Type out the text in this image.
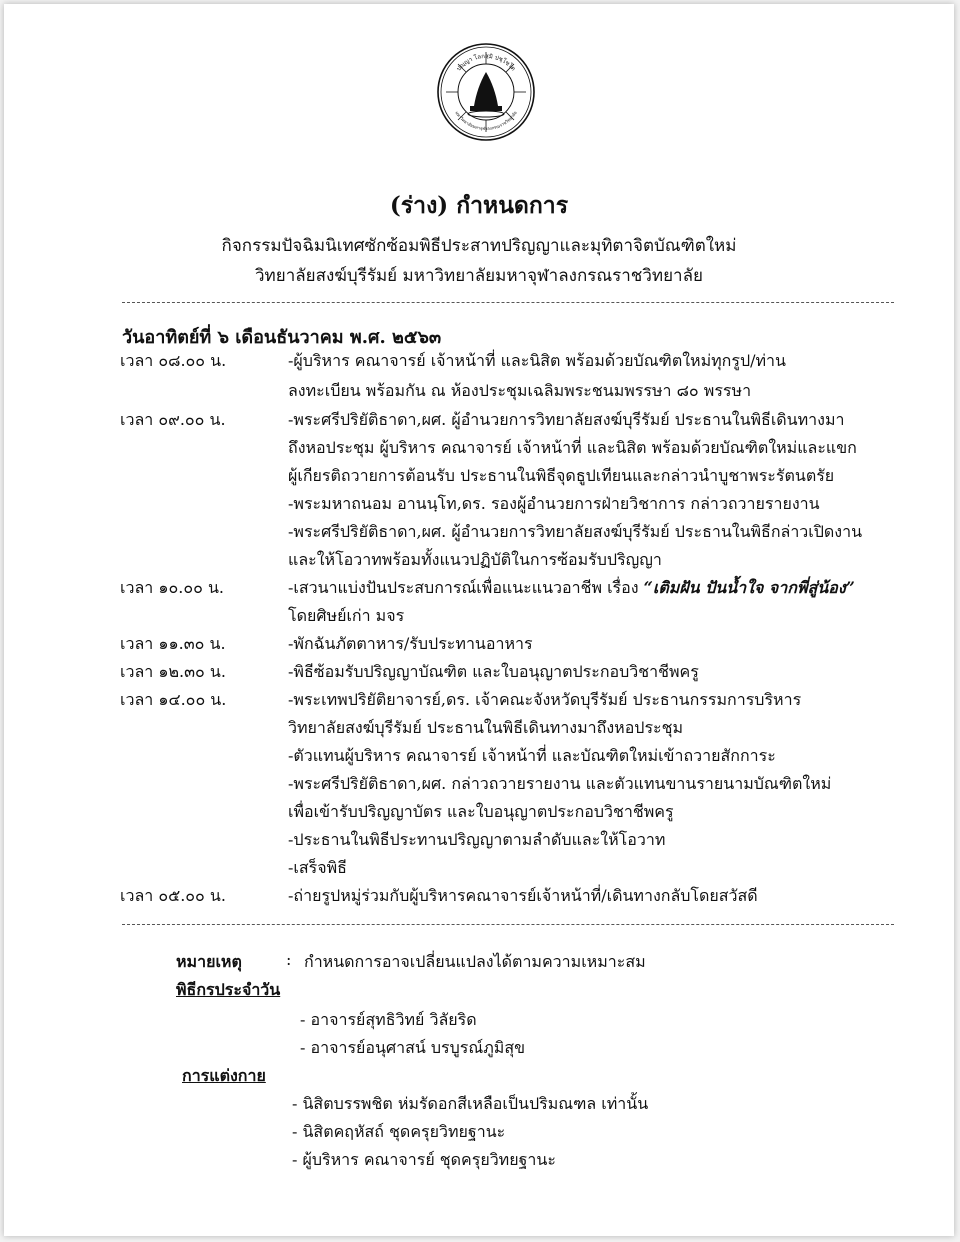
ปญฺญา โลกสฺมิ ปชฺโชโต
มหาวิทยาลัยมหาจุฬาลงกรณราชวิทยาลัย
(ร่าง) กำหนดการ
กิจกรรมปัจฉิมนิเทศซักซ้อมพิธีประสาทปริญญาและมุทิตาจิตบัณฑิตใหม่
วิทยาลัยสงฆ์บุรีรัมย์ มหาวิทยาลัยมหาจุฬาลงกรณราชวิทยาลัย
วันอาทิตย์ที่ ๖ เดือนธันวาคม พ.ศ. ๒๕๖๓
เวลา ๐๘.๐๐ น.	-ผู้บริหาร คณาจารย์ เจ้าหน้าที่ และนิสิต พร้อมด้วยบัณฑิตใหม่ทุกรูป/ท่าน
ลงทะเบียน พร้อมกัน ณ ห้องประชุมเฉลิมพระชนมพรรษา ๘๐ พรรษา
เวลา ๐๙.๐๐ น.	-พระศรีปริยัติธาดา,ผศ. ผู้อำนวยการวิทยาลัยสงฆ์บุรีรัมย์ ประธานในพิธีเดินทางมา
ถึงหอประชุม ผู้บริหาร คณาจารย์ เจ้าหน้าที่ และนิสิต พร้อมด้วยบัณฑิตใหม่และแขก
ผู้เกียรติถวายการต้อนรับ ประธานในพิธีจุดธูปเทียนและกล่าวนำบูชาพระรัตนตรัย
-พระมหาถนอม อานนฺโท,ดร. รองผู้อำนวยการฝ่ายวิชาการ กล่าวถวายรายงาน
-พระศรีปริยัติธาดา,ผศ. ผู้อำนวยการวิทยาลัยสงฆ์บุรีรัมย์ ประธานในพิธีกล่าวเปิดงาน
และให้โอวาทพร้อมทั้งแนวปฏิบัติในการซ้อมรับปริญญา
เวลา ๑๐.๐๐ น.	-เสวนาแบ่งปันประสบการณ์เพื่อแนะแนวอาชีพ เรื่อง “เติมฝัน ปันน้ำใจ จากพี่สู่น้อง”
โดยศิษย์เก่า มจร
เวลา ๑๑.๓๐ น.	-พักฉันภัตตาหาร/รับประทานอาหาร
เวลา ๑๒.๓๐ น.	-พิธีซ้อมรับปริญญาบัณฑิต และใบอนุญาตประกอบวิชาชีพครู
เวลา ๑๔.๐๐ น.	-พระเทพปริยัติยาจารย์,ดร. เจ้าคณะจังหวัดบุรีรัมย์ ประธานกรรมการบริหาร
วิทยาลัยสงฆ์บุรีรัมย์ ประธานในพิธีเดินทางมาถึงหอประชุม
-ตัวแทนผู้บริหาร คณาจารย์ เจ้าหน้าที่ และบัณฑิตใหม่เข้าถวายสักการะ
-พระศรีปริยัติธาดา,ผศ. กล่าวถวายรายงาน และตัวแทนขานรายนามบัณฑิตใหม่
เพื่อเข้ารับปริญญาบัตร และใบอนุญาตประกอบวิชาชีพครู
-ประธานในพิธีประทานปริญญาตามลำดับและให้โอวาท
-เสร็จพิธี
เวลา ๐๕.๐๐ น.	-ถ่ายรูปหมู่ร่วมกับผู้บริหารคณาจารย์เจ้าหน้าที่/เดินทางกลับโดยสวัสดี
หมายเหตุ	: กำหนดการอาจเปลี่ยนแปลงได้ตามความเหมาะสม
พิธีกรประจำวัน
- อาจารย์สุทธิวิทย์ วิลัยริด
- อาจารย์อนุศาสน์ บรบูรณ์ภูมิสุข
การแต่งกาย
- นิสิตบรรพชิต ห่มรัดอกสีเหลือเป็นปริมณฑล เท่านั้น
- นิสิตคฤหัสถ์ ชุดครุยวิทยฐานะ
- ผู้บริหาร คณาจารย์ ชุดครุยวิทยฐานะ
